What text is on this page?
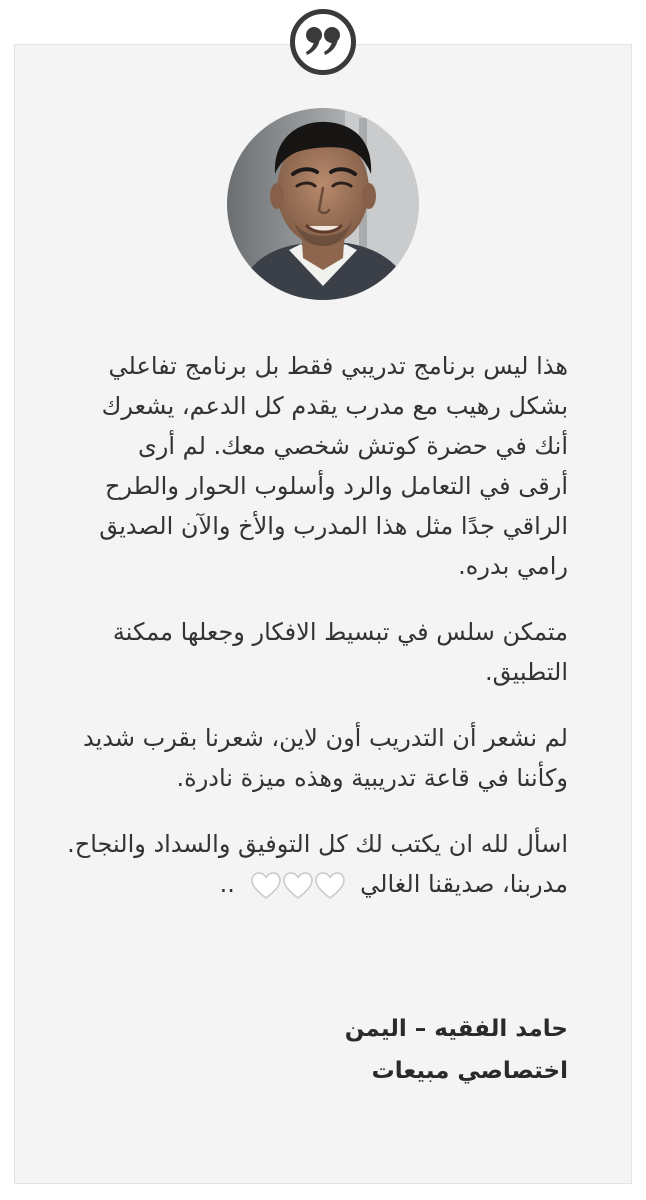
هذا ليس برنامج تدريبي فقط بل برنامج تفاعلي
بشكل رهيب مع مدرب يقدم كل الدعم، يشعرك
أنك في حضرة كوتش شخصي معك. لم أرى
أرقى في التعامل والرد وأسلوب الحوار والطرح
الراقي جدًا مثل هذا المدرب والأخ والآن الصديق
رامي بدره.

متمكن سلس في تبسيط الافكار وجعلها ممكنة
التطبيق.

لم نشعر أن التدريب أون لاين، شعرنا بقرب شديد
وكأننا في قاعة تدريبية وهذه ميزة نادرة.

اسأل لله ان يكتب لك كل التوفيق والسداد والنجاح.
مدربنا، صديقنا الغالي
..

حامد الفقيه – اليمن
اختصاصي مبيعات
